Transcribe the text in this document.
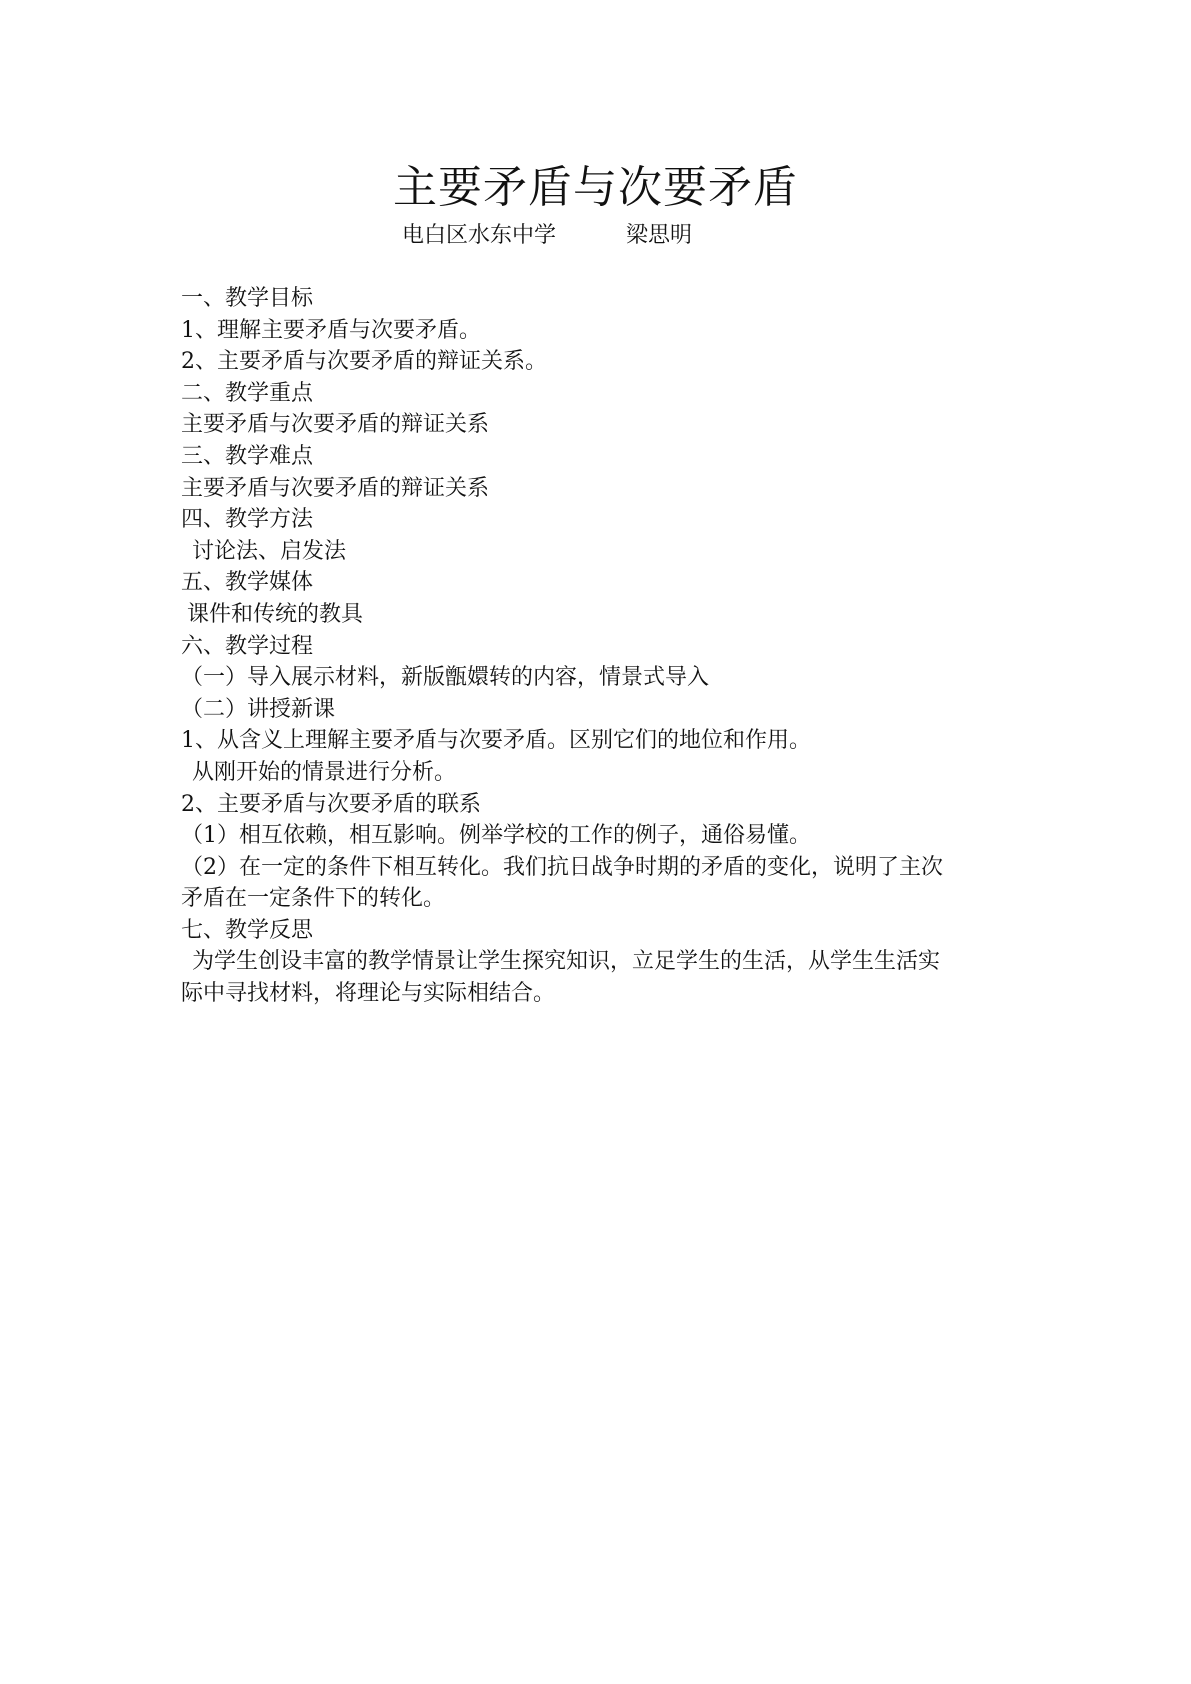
主要矛盾与次要矛盾
电白区水东中学	梁思明

一、教学目标

1、理解主要矛盾与次要矛盾。

2、主要矛盾与次要矛盾的辩证关系。

二、教学重点

主要矛盾与次要矛盾的辩证关系

三、教学难点

主要矛盾与次要矛盾的辩证关系

四、教学方法

讨论法、启发法

五、教学媒体

课件和传统的教具

六、教学过程

（一）导入展示材料，新版甑嬛转的内容，情景式导入

（二）讲授新课

1、从含义上理解主要矛盾与次要矛盾。区别它们的地位和作用。

从刚开始的情景进行分析。

2、主要矛盾与次要矛盾的联系

（1）相互依赖，相互影响。例举学校的工作的例子，通俗易懂。

（2）在一定的条件下相互转化。我们抗日战争时期的矛盾的变化，说明了主次

矛盾在一定条件下的转化。

七、教学反思

为学生创设丰富的教学情景让学生探究知识，立足学生的生活，从学生生活实

际中寻找材料，将理论与实际相结合。
